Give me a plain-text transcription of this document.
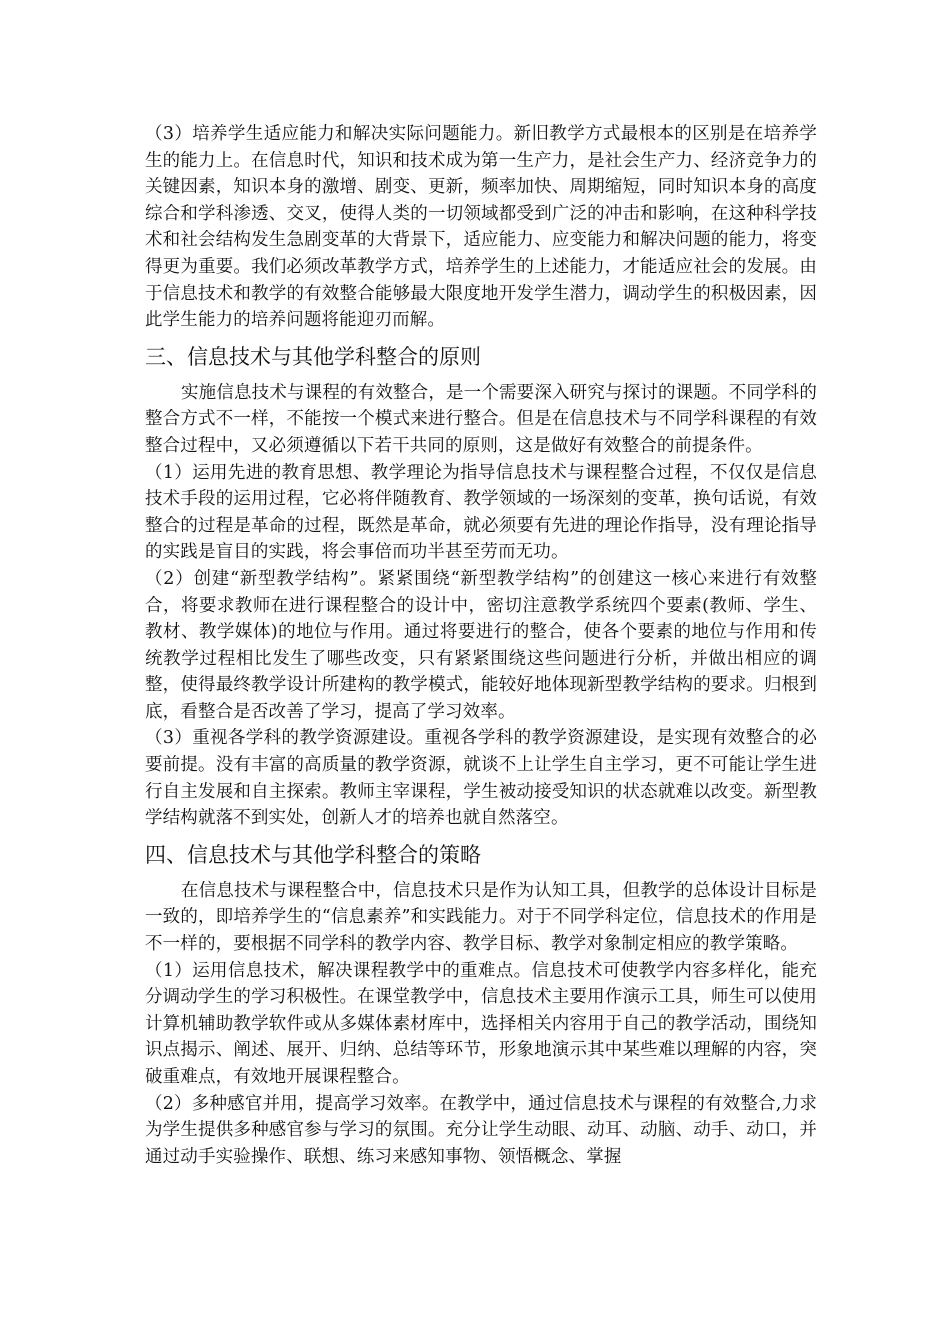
（3）培养学生适应能力和解决实际问题能力。新旧教学方式最根本的区别是在培养学生的能力上。在信息时代，知识和技术成为第一生产力，是社会生产力、经济竞争力的关键因素，知识本身的激增、剧变、更新，频率加快、周期缩短，同时知识本身的高度综合和学科渗透、交叉，使得人类的一切领域都受到广泛的冲击和影响，在这种科学技术和社会结构发生急剧变革的大背景下，适应能力、应变能力和解决问题的能力，将变得更为重要。我们必须改革教学方式，培养学生的上述能力，才能适应社会的发展。由于信息技术和教学的有效整合能够最大限度地开发学生潜力，调动学生的积极因素，因此学生能力的培养问题将能迎刃而解。

三、信息技术与其他学科整合的原则

实施信息技术与课程的有效整合，是一个需要深入研究与探讨的课题。不同学科的整合方式不一样，不能按一个模式来进行整合。但是在信息技术与不同学科课程的有效整合过程中，又必须遵循以下若干共同的原则，这是做好有效整合的前提条件。

（1）运用先进的教育思想、教学理论为指导信息技术与课程整合过程，不仅仅是信息技术手段的运用过程，它必将伴随教育、教学领域的一场深刻的变革，换句话说，有效整合的过程是革命的过程，既然是革命，就必须要有先进的理论作指导，没有理论指导的实践是盲目的实践，将会事倍而功半甚至劳而无功。

（2）创建“新型教学结构”。紧紧围绕“新型教学结构”的创建这一核心来进行有效整合，将要求教师在进行课程整合的设计中，密切注意教学系统四个要素(教师、学生、教材、教学媒体)的地位与作用。通过将要进行的整合，使各个要素的地位与作用和传统教学过程相比发生了哪些改变，只有紧紧围绕这些问题进行分析，并做出相应的调整，使得最终教学设计所建构的教学模式，能较好地体现新型教学结构的要求。归根到底，看整合是否改善了学习，提高了学习效率。

（3）重视各学科的教学资源建设。重视各学科的教学资源建设，是实现有效整合的必要前提。没有丰富的高质量的教学资源，就谈不上让学生自主学习，更不可能让学生进行自主发展和自主探索。教师主宰课程，学生被动接受知识的状态就难以改变。新型教学结构就落不到实处，创新人才的培养也就自然落空。

四、信息技术与其他学科整合的策略

在信息技术与课程整合中，信息技术只是作为认知工具，但教学的总体设计目标是一致的，即培养学生的“信息素养”和实践能力。对于不同学科定位，信息技术的作用是不一样的，要根据不同学科的教学内容、教学目标、教学对象制定相应的教学策略。

（1）运用信息技术，解决课程教学中的重难点。信息技术可使教学内容多样化，能充分调动学生的学习积极性。在课堂教学中，信息技术主要用作演示工具，师生可以使用计算机辅助教学软件或从多媒体素材库中，选择相关内容用于自己的教学活动，围绕知识点揭示、阐述、展开、归纳、总结等环节，形象地演示其中某些难以理解的内容，突破重难点，有效地开展课程整合。

（2）多种感官并用，提高学习效率。在教学中，通过信息技术与课程的有效整合,力求为学生提供多种感官参与学习的氛围。充分让学生动眼、动耳、动脑、动手、动口，并通过动手实验操作、联想、练习来感知事物、领悟概念、掌握
